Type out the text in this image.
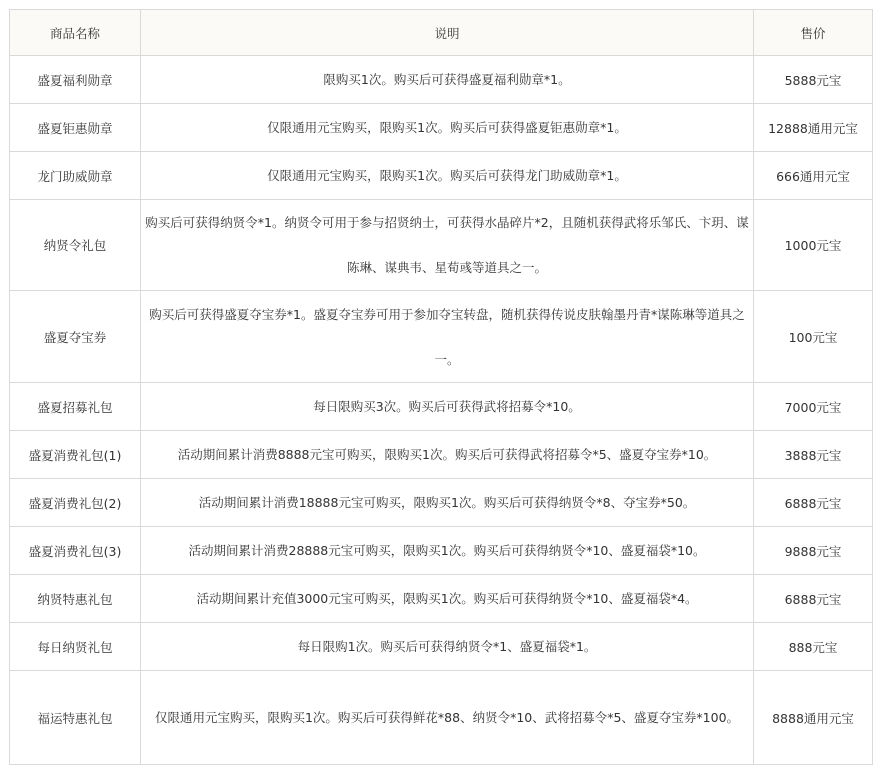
商品名称	说明	售价
盛夏福利勋章	限购买1次。购买后可获得盛夏福利勋章*1。	5888元宝
盛夏钜惠勋章	仅限通用元宝购买，限购买1次。购买后可获得盛夏钜惠勋章*1。	12888通用元宝
龙门助威勋章	仅限通用元宝购买，限购买1次。购买后可获得龙门助威勋章*1。	666通用元宝
纳贤令礼包	购买后可获得纳贤令*1。纳贤令可用于参与招贤纳士，可获得水晶碎片*2，且随机获得武将乐邹氏、卞玥、谋陈琳、谋典韦、星荀彧等道具之一。	1000元宝
盛夏夺宝券	购买后可获得盛夏夺宝券*1。盛夏夺宝券可用于参加夺宝转盘，随机获得传说皮肤翰墨丹青*谋陈琳等道具之一。	100元宝
盛夏招募礼包	每日限购买3次。购买后可获得武将招募令*10。	7000元宝
盛夏消费礼包(1)	活动期间累计消费8888元宝可购买，限购买1次。购买后可获得武将招募令*5、盛夏夺宝券*10。	3888元宝
盛夏消费礼包(2)	活动期间累计消费18888元宝可购买，限购买1次。购买后可获得纳贤令*8、夺宝券*50。	6888元宝
盛夏消费礼包(3)	活动期间累计消费28888元宝可购买，限购买1次。购买后可获得纳贤令*10、盛夏福袋*10。	9888元宝
纳贤特惠礼包	活动期间累计充值3000元宝可购买，限购买1次。购买后可获得纳贤令*10、盛夏福袋*4。	6888元宝
每日纳贤礼包	每日限购1次。购买后可获得纳贤令*1、盛夏福袋*1。	888元宝
福运特惠礼包	仅限通用元宝购买，限购买1次。购买后可获得鲜花*88、纳贤令*10、武将招募令*5、盛夏夺宝券*100。	8888通用元宝
